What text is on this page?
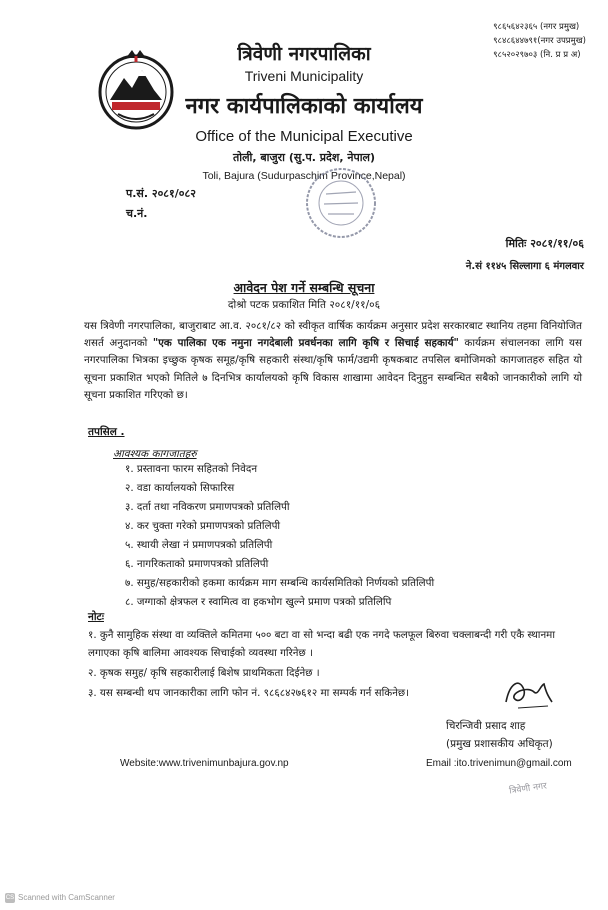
९८६५६४२३६५ (नगर प्रमुख)
९८४८६४४७९१(नगर उपप्रमुख)
९८५२०२९७०३ (नि. प्र प्र अ)
त्रिवेणी नगरपालिका
Triveni Municipality
नगर कार्यपालिकाको कार्यालय
Office of the Municipal Executive
तोली, बाजुरा (सु.प. प्रदेश, नेपाल)
Toli, Bajura (Sudurpaschim Province,Nepal)
प.सं. २०८१/०८२
च.नं.
मितिः २०८१/११/०६
ने.सं ११४५ सिल्लागा ६ मंगलवार
आवेदन पेश गर्ने सम्बन्धि सूचना
दोश्रो पटक प्रकाशित मिति २०८१/११/०६
यस त्रिवेणी नगरपालिका, बाजुराबाट आ.व. २०८१/८२ को स्वीकृत वार्षिक कार्यक्रम अनुसार प्रदेश सरकारबाट स्थानिय तहमा विनियोजित शसर्त अनुदानको "एक पालिका एक नमुना नगदेबाली प्रवर्धनका लागि कृषि र सिचाई सहकार्य" कार्यक्रम संचालनका लागि यस नगरपालिका भित्रका इच्छुक कृषक समूह/कृषि सहकारी संस्था/कृषि फार्म/उद्यमी कृषकबाट तपसिल बमोजिमको कागजातहरु सहित यो सूचना प्रकाशित भएको मितिले ७ दिनभित्र कार्यालयको कृषि विकास शाखामा आवेदन दिनुहुन सम्बन्धित सबैको जानकारीको लागि यो सूचना प्रकाशित गरिएको छ।
तपसिल .
आवश्यक कागजातहरु
१. प्रस्तावना फारम सहितको निवेदन
२. वडा कार्यालयको सिफारिस
३. दर्ता तथा नविकरण प्रमाणपत्रको प्रतिलिपी
४. कर चुक्ता गरेको प्रमाणपत्रको प्रतिलिपी
५. स्थायी लेखा नं प्रमाणपत्रको प्रतिलिपी
६. नागरिकताको प्रमाणपत्रको प्रतिलिपी
७. समुह/सहकारीको हकमा कार्यक्रम माग सम्बन्धि कार्यसमितिको निर्णयको प्रतिलिपी
८. जग्गाको क्षेत्रफल र स्वामित्व वा हकभोग खुल्ने प्रमाण पत्रको प्रतिलिपि
नोटः
१. कुनै सामुहिक संस्था वा व्यक्तिले कमितमा ५०० बटा वा सो भन्दा बढी एक नगदे फलफूल बिरुवा चक्लाबन्दी गरी एकै स्थानमा लगाएका कृषि बालिमा आवश्यक सिचाईको व्यवस्था गरिनेछ ।
२. कृषक समुह/ कृषि सहकारीलाई बिशेष प्राथमिकता दिईनेछ ।
३. यस सम्बन्धी थप जानकारीका लागि फोन नं. ९८६८४२७६१२ मा सम्पर्क गर्न सकिनेछ।
चिरन्जिवी प्रसाद शाह
(प्रमुख प्रशासकीय अधिकृत)
Website:www.trivenimunbajura.gov.np	Email :ito.trivenimun@gmail.com
त्रिवेणी नगर
CS Scanned with CamScanner
